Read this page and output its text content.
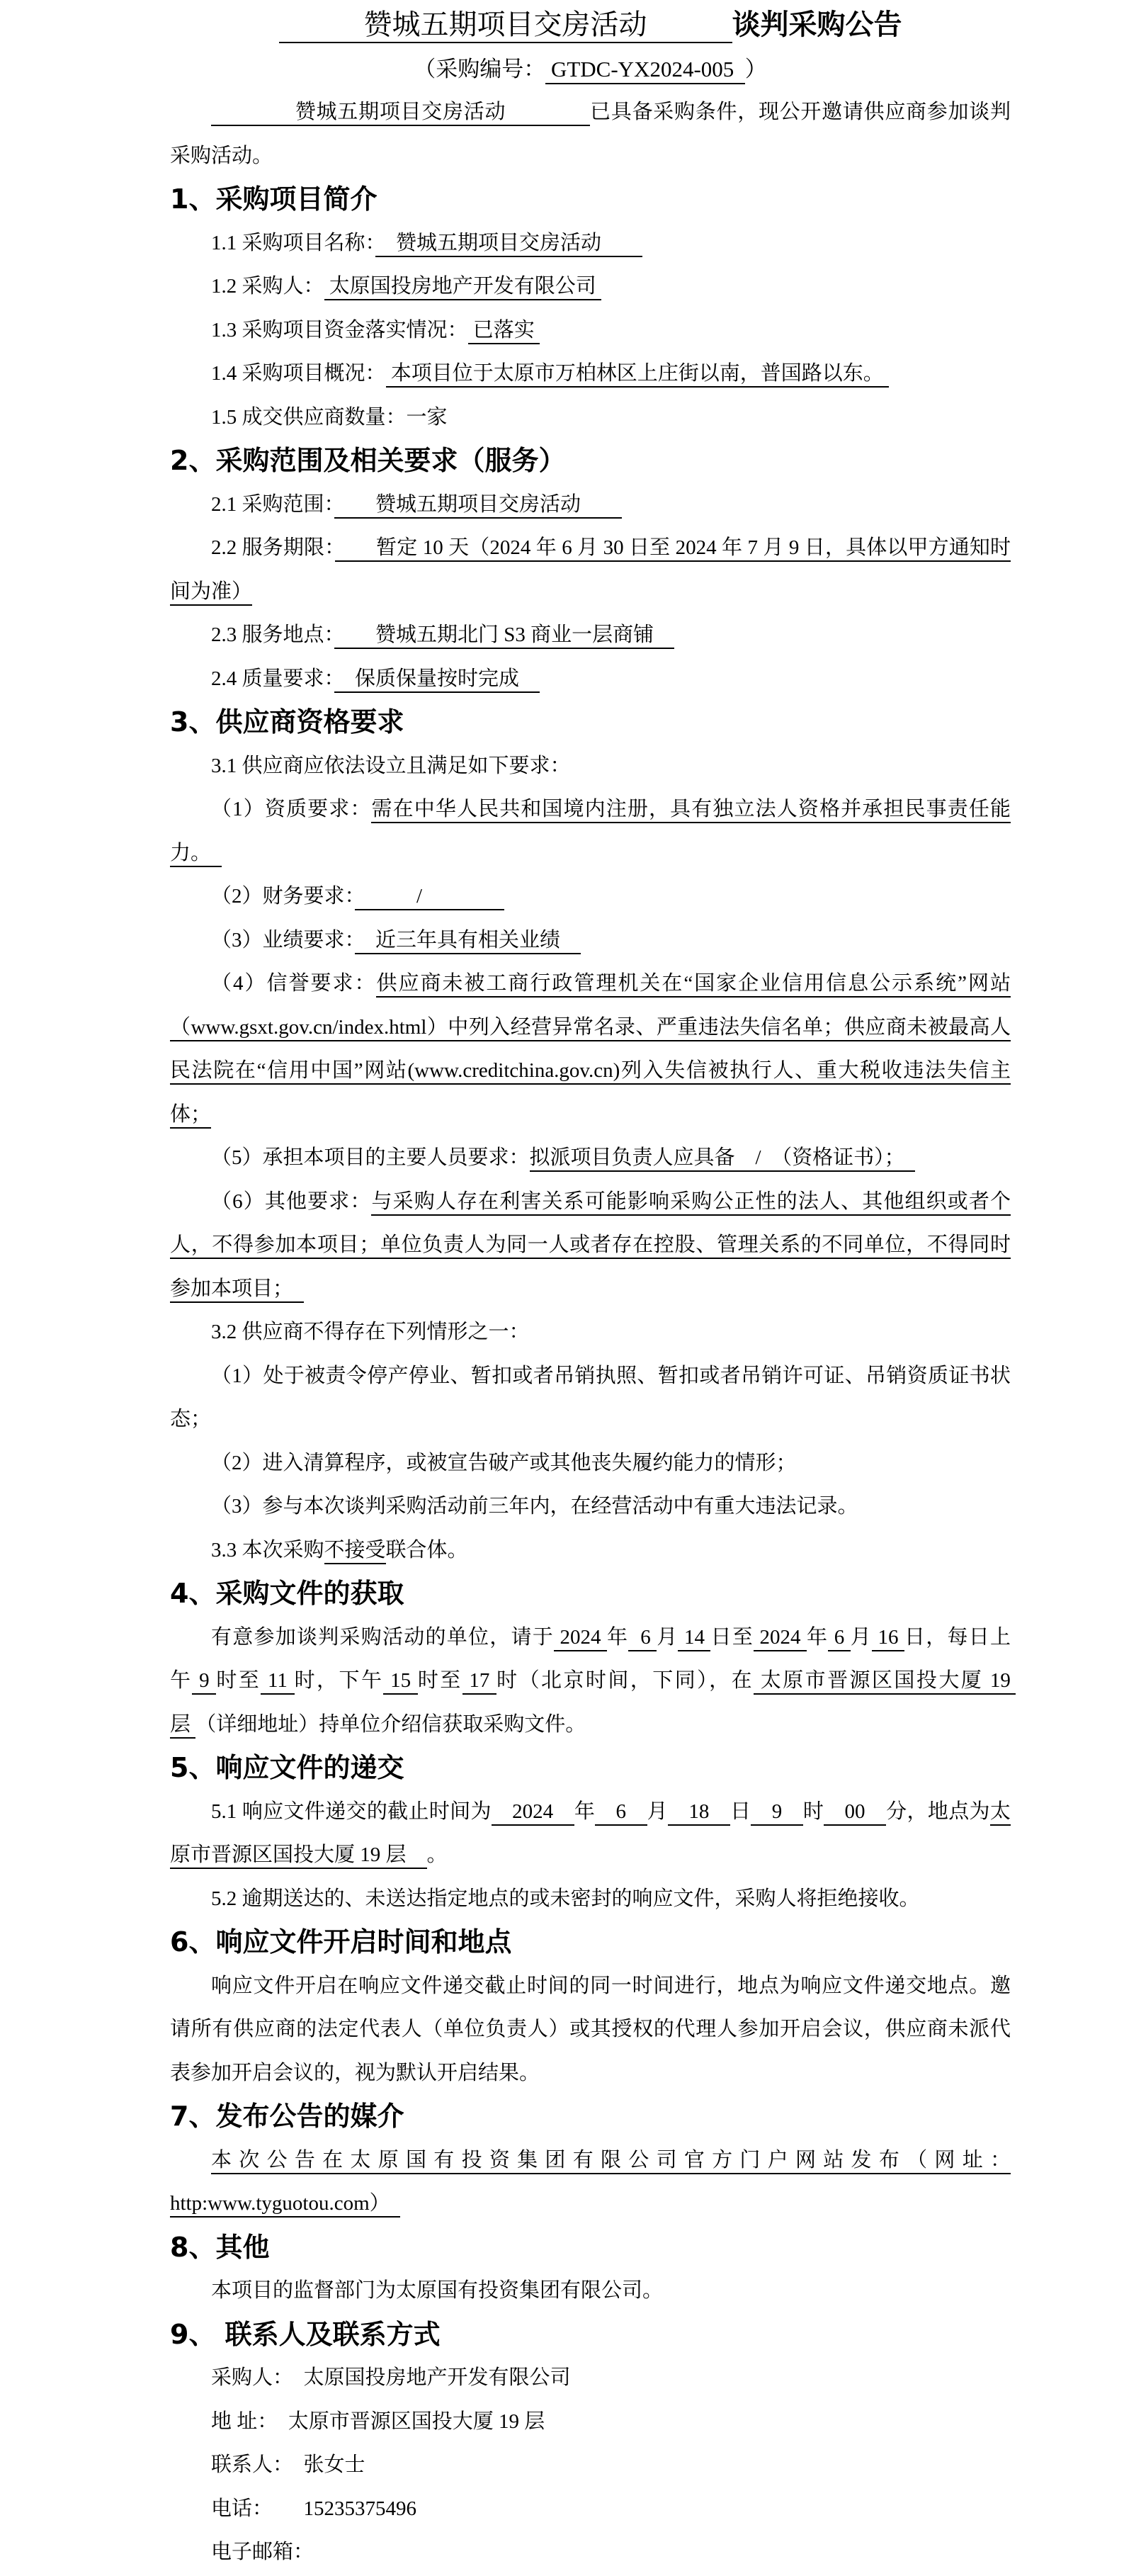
　　　赞城五期项目交房活动　　　	谈判采购公告
（采购编号： GTDC-YX2024-005  ）
　　　　赞城五期项目交房活动　　　　	已具备采购条件，现公开邀请供应商参加谈判采购活动。
1、采购项目简介
1.1 采购项目名称：　赞城五期项目交房活动　　
1.2 采购人： 太原国投房地产开发有限公司
1.3 采购项目资金落实情况： 已落实
1.4 采购项目概况： 本项目位于太原市万柏林区上庄街以南，普国路以东。
1.5 成交供应商数量：一家
2、采购范围及相关要求（服务）
2.1 采购范围：　　赞城五期项目交房活动　　
2.2 服务期限：　　暂定 10 天（2024 年 6 月 30 日至 2024 年 7 月 9 日，具体以甲方通知时间为准）
2.3 服务地点：　　赞城五期北门 S3 商业一层商铺　
2.4 质量要求：　保质保量按时完成　
3、供应商资格要求
3.1 供应商应依法设立且满足如下要求：
（1）资质要求：需在中华人民共和国境内注册，具有独立法人资格并承担民事责任能力。　
（2）财务要求：　　　/　　　　
（3）业绩要求：　近三年具有相关业绩　
（4）信誉要求：供应商未被工商行政管理机关在“国家企业信用信息公示系统”网站（www.gsxt.gov.cn/index.html）中列入经营异常名录、严重违法失信名单；供应商未被最高人民法院在“信用中国”网站(www.creditchina.gov.cn)列入失信被执行人、重大税收违法失信主体；
（5）承担本项目的主要人员要求：拟派项目负责人应具备　/　（资格证书）；　
（6）其他要求：与采购人存在利害关系可能影响采购公正性的法人、其他组织或者个人，不得参加本项目；单位负责人为同一人或者存在控股、管理关系的不同单位，不得同时参加本项目；　
3.2 供应商不得存在下列情形之一：
（1）处于被责令停产停业、暂扣或者吊销执照、暂扣或者吊销许可证、吊销资质证书状态；
（2）进入清算程序，或被宣告破产或其他丧失履约能力的情形；
（3）参与本次谈判采购活动前三年内，在经营活动中有重大违法记录。
3.3 本次采购不接受联合体。
4、采购文件的获取
有意参加谈判采购活动的单位，请于 2024 年  6 月 14 日至 2024 年 6 月 16 日，每日上午 9 时至 11 时，下午 15 时至 17 时（北京时间，下同），在 太原市晋源区国投大厦 19 层 （详细地址）持单位介绍信获取采购文件。
5、响应文件的递交
5.1 响应文件递交的截止时间为　2024　年　6　月　18　日　9　时　00　分，地点为太原市晋源区国投大厦 19 层　。
5.2 逾期送达的、未送达指定地点的或未密封的响应文件，采购人将拒绝接收。
6、响应文件开启时间和地点
响应文件开启在响应文件递交截止时间的同一时间进行，地点为响应文件递交地点。邀请所有供应商的法定代表人（单位负责人）或其授权的代理人参加开启会议，供应商未派代表参加开启会议的，视为默认开启结果。
7、发布公告的媒介
本次公告在太原国有投资集团有限公司官方门户网站发布（网址：http:www.tyguotou.com）　
8、其他
本项目的监督部门为太原国有投资集团有限公司。
9、 联系人及联系方式
采购人：　太原国投房地产开发有限公司
地 址：　太原市晋源区国投大厦 19 层
联系人：　张女士
电话：　　15235375496
电子邮箱：
